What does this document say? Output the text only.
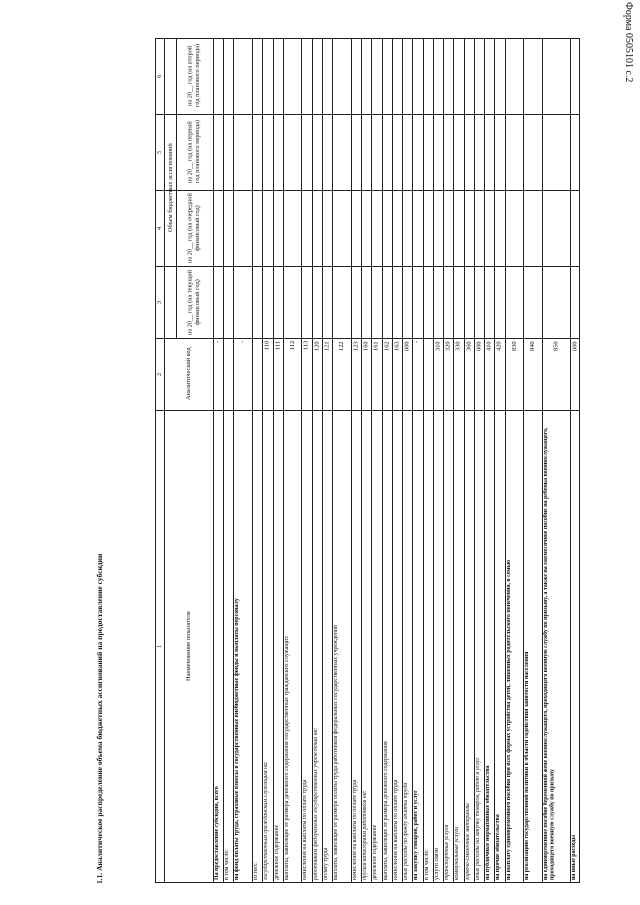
Форма 0505101 с.2
1.1. Аналитическое распределение объема бюджетных ассигнований на предоставление субсидии	Наименование показателя
1
Аналитический код
2
на 20__ год (на текущий финансовый год)
3
на 20__ год (на очередной финансовый год)
4
на 20__ год (на первый год планового периода)
5
на 20__ год (на второй год планового периода)
6
Объем бюджетных ассигнований
На предоставление субсидии, всего
-
в том числе: на фонд оплаты труда, страховые взносы в государственные внебюджетные фонды и выплаты персоналу
-
из них: государственным гражданским служащим на:
110
денежное содержание
111
выплаты, зависящие от размера денежного содержания государственных гражданских служащих
112
начисления на выплаты по оплате труда
113
работникам федеральных государственных учреждений на:
120
оплату труда
121
выплаты, зависящие от размера оплаты труда работников федеральных государственных учреждений
122
начисления на выплаты по оплате труда
123
другим категориям работников на:
160
денежное содержание
161
выплаты, зависящие от размера денежного содержания
162
начисления на выплаты по оплате труда
163
иные расходы по фонду оплаты труда
000
на закупку товаров, работ и услуг
-
в том числе: услуги связи
310
транспортные услуги
320
коммунальные услуги
330
горюче-смазочные материалы
360
иные расходы на закупку товаров, работ и услуг
000
на публичные нормативные обязательства
410
на прочие обязательства
420
на выплату единовременного пособия при всех формах устройства детей, лишенных родительского попечения, в семью
830
на реализацию государственной политики в области содействия занятости населения
840
на единовременное пособие беременной жене военнослужащего, проходящего военную службу по призыву, а также на ежемесячное пособие на ребенка военнослужащего, проходящего военную службу по призыву
850
на иные расходы
000
